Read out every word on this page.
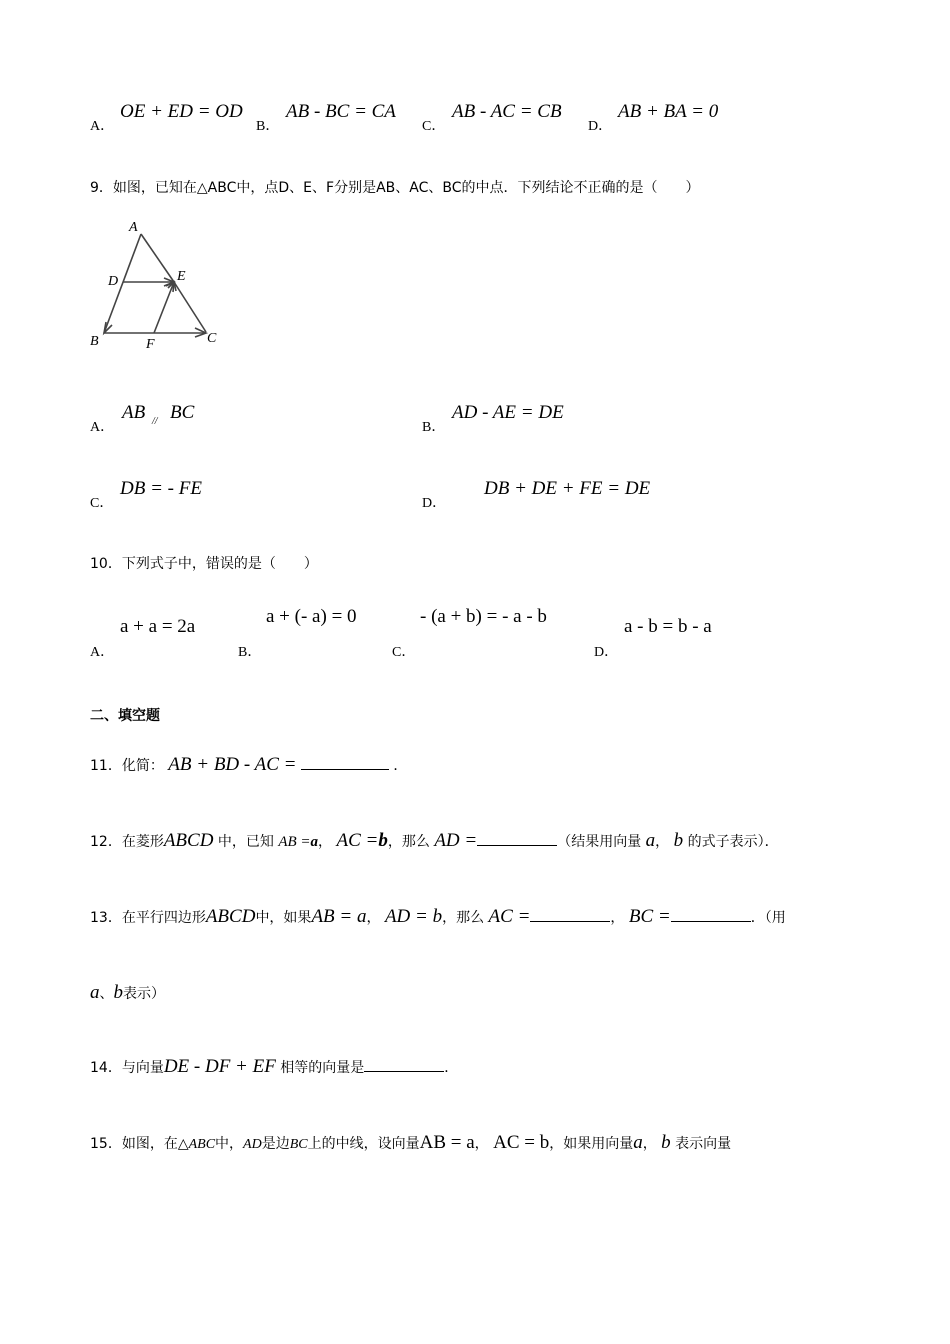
A．
OE + ED = OD
B．
AB - BC = CA
C．
AB - AC = CB
D．
AB + BA = 0
9．如图，已知在△ABC中，点D、E、F分别是AB、AC、BC的中点．下列结论不正确的是（　　）
A
D	E
B	F	C
A．
AB // BC
B．
AD - AE = DE
C．
DB = - FE
D．
DB + DE + FE = DE
10．下列式子中，错误的是（　　）
A．
a + a = 2a
B．
a + (- a) = 0
C．
- (a + b) = - a - b
D．
a - b = b - a
二、填空题
11．化简： AB + BD - AC =	．
12．在菱形ABCD 中，已知 AB =a， AC =b，那么 AD =	（结果用向量 a， b 的式子表示）．
13．在平行四边形ABCD中，如果AB = a， AD = b，那么 AC =	， BC =	．（用
a、b表示）
14．与向量DE - DF + EF 相等的向量是	．
15．如图，在△ABC中，AD是边BC上的中线，设向量AB = a， AC = b，如果用向量a， b 表示向量
